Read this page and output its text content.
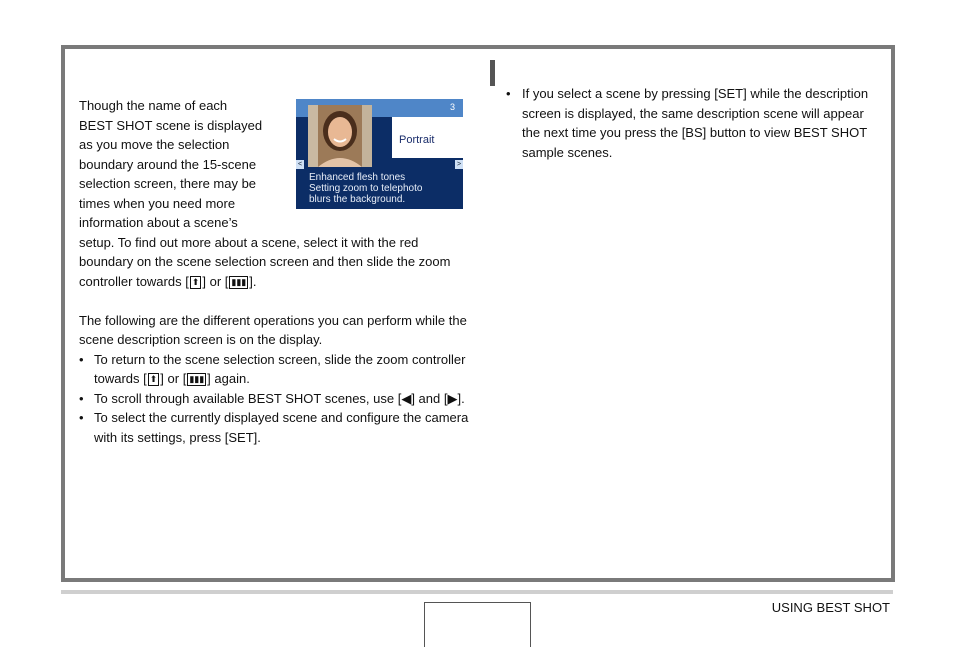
Though the name of each

BEST SHOT scene is displayed

as you move the selection

boundary around the 15-scene

selection screen, there may be

times when you need more

information about a scene’s

setup. To find out more about a scene, select it with the red boundary on the scene selection screen and then slide the zoom controller towards [ ⬆ ] or [ ▮▮▮ ].

The following are the different operations you can perform while the scene description screen is on the display.

• To return to the scene selection screen, slide the zoom controller towards [ ⬆ ] or [ ▮▮▮ ] again.
• To scroll through available BEST SHOT scenes, use [◀] and [▶].
• To select the currently displayed scene and configure the camera with its settings, press [SET].
3
Portrait
<	>
Enhanced flesh tones
Setting zoom to telephoto
blurs the background.
• If you select a scene by pressing [SET] while the description screen is displayed, the same description scene will appear the next time you press the [BS] button to view BEST SHOT sample scenes.
USING BEST SHOT
